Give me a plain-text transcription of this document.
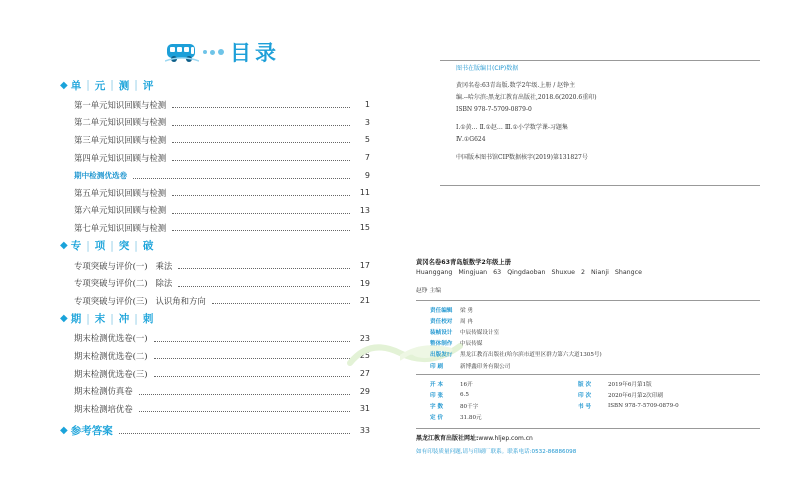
目录
◆ 单 | 元 | 测 | 评
第一单元知识回顾与检测	1
第二单元知识回顾与检测	3
第三单元知识回顾与检测	5
第四单元知识回顾与检测	7
期中检测优选卷	9
第五单元知识回顾与检测	11
第六单元知识回顾与检测	13
第七单元知识回顾与检测	15
◆ 专 | 项 | 突 | 破
专项突破与评价(一) 乘法	17
专项突破与评价(二) 除法	19
专项突破与评价(三) 认识角和方向	21
◆ 期 | 末 | 冲 | 刺
期末检测优选卷(一)	23
期末检测优选卷(二)	25
期末检测优选卷(三)	27
期末检测仿真卷	29
期末检测培优卷	31
◆ 参考答案	33
图书在版编目(CIP)数据

黄冈名卷:63青岛版.数学2年级.上册 / 赵铮主

编.--哈尔滨:黑龙江教育出版社,2018.6(2020.6重印)

ISBN 978-7-5709-0879-0

Ⅰ.①黄… Ⅱ.①赵… Ⅲ.①小学数学课-习题集

Ⅳ.①G624

中国版本图书馆CIP数据核字(2019)第131827号

黄冈名卷63青岛版数学2年级上册
Huanggang Mingjuan 63 Qingdaoban Shuxue 2 Nianji Shangce
赵铮 主编
责任编辑	梁 勇
责任校对	周 冉
装帧设计	中辰传媒设计室
整体制作	中辰传媒
出版发行	黑龙江教育出版社(哈尔滨市道里区群力第六大道1305号)
印 刷	新博鑫印务有限公司
开 本	16开	版 次	2019年6月第1版
印 张	6.5	印 次	2020年6月第2次印刷
字 数	80千字	书 号	ISBN 978-7-5709-0879-0
定 价	31.80元
黑龙江教育出版社网址:www.hljep.com.cn
如有印装质量问题,请与印刷厂联系。联系电话:0532-86886098
